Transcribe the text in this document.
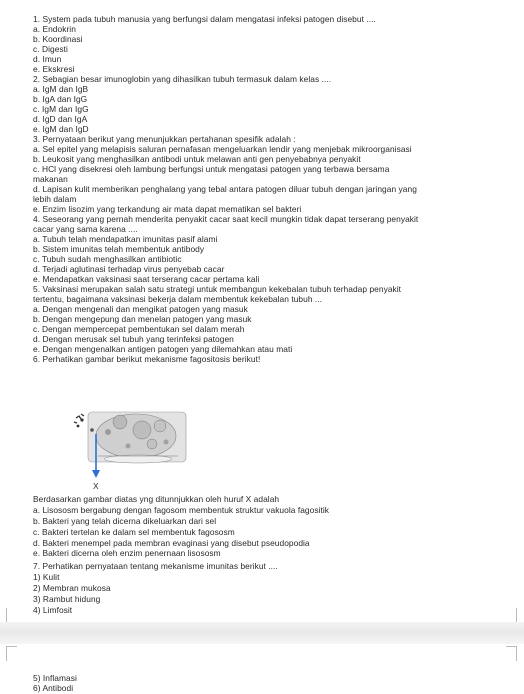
1. System pada tubuh manusia yang berfungsi dalam mengatasi infeksi patogen disebut ....
a. Endokrin
b. Koordinasi
c. Digesti
d. Imun
e. Ekskresi
2. Sebagian besar imunoglobin yang dihasilkan tubuh termasuk dalam kelas ....
a. IgM dan IgB
b. IgA dan IgG
c. IgM dan IgG
d. IgD dan IgA
e. IgM dan IgD
3. Pernyataan berikut yang menunjukkan pertahanan spesifik adalah :
a. Sel epitel yang melapisis saluran pernafasan mengeluarkan lendir yang menjebak mikroorganisasi
b. Leukosit yang menghasilkan antibodi untuk melawan anti gen penyebabnya penyakit
c. HCl yang disekresi oleh lambung berfungsi untuk mengatasi patogen yang terbawa bersama
makanan
d. Lapisan kulit memberikan penghalang yang tebal antara patogen diluar tubuh dengan jaringan yang
lebih dalam
e. Enzim lisozim yang terkandung air mata dapat mematikan sel bakteri
4. Seseorang yang pernah menderita penyakit cacar saat kecil mungkin tidak dapat terserang penyakit
cacar yang sama karena ....
a. Tubuh telah mendapatkan imunitas pasif alami
b. Sistem imunitas telah membentuk antibody
c. Tubuh sudah menghasilkan antibiotic
d. Terjadi aglutinasi terhadap virus penyebab cacar
e. Mendapatkan vaksinasi saat terserang cacar pertama kali
5. Vaksinasi merupakan salah satu strategi untuk membangun kekebalan tubuh terhadap penyakit
tertentu, bagaimana vaksinasi bekerja dalam membentuk kekebalan tubuh ...
a. Dengan mengenali dan mengikat patogen yang masuk
b. Dengan mengepung dan menelan patogen yang masuk
c. Dengan mempercepat pembentukan sel dalam merah
d. Dengan merusak sel tubuh yang terinfeksi patogen
e. Dengan mengenalkan antigen patogen yang dilemahkan atau mati
6. Perhatikan gambar berikut mekanisme fagositosis berikut!
X
Berdasarkan gambar diatas yng ditunnjukkan oleh huruf X adalah
a. Lisososm bergabung dengan fagosom membentuk struktur vakuola fagositik
b. Bakteri yang telah dicerna dikeluarkan dari sel
c. Bakteri tertelan ke dalam sel membentuk fagososm
d. Bakteri menempel pada membran evaginasi yang disebut pseudopodia
e. Bakteri dicerna oleh enzim penernaan lisososm
7. Perhatikan pernyataan tentang mekanisme imunitas berikut ....
1) Kulit
2) Membran mukosa
3) Rambut hidung
4) Limfosit
5) Inflamasi
6) Antibodi
